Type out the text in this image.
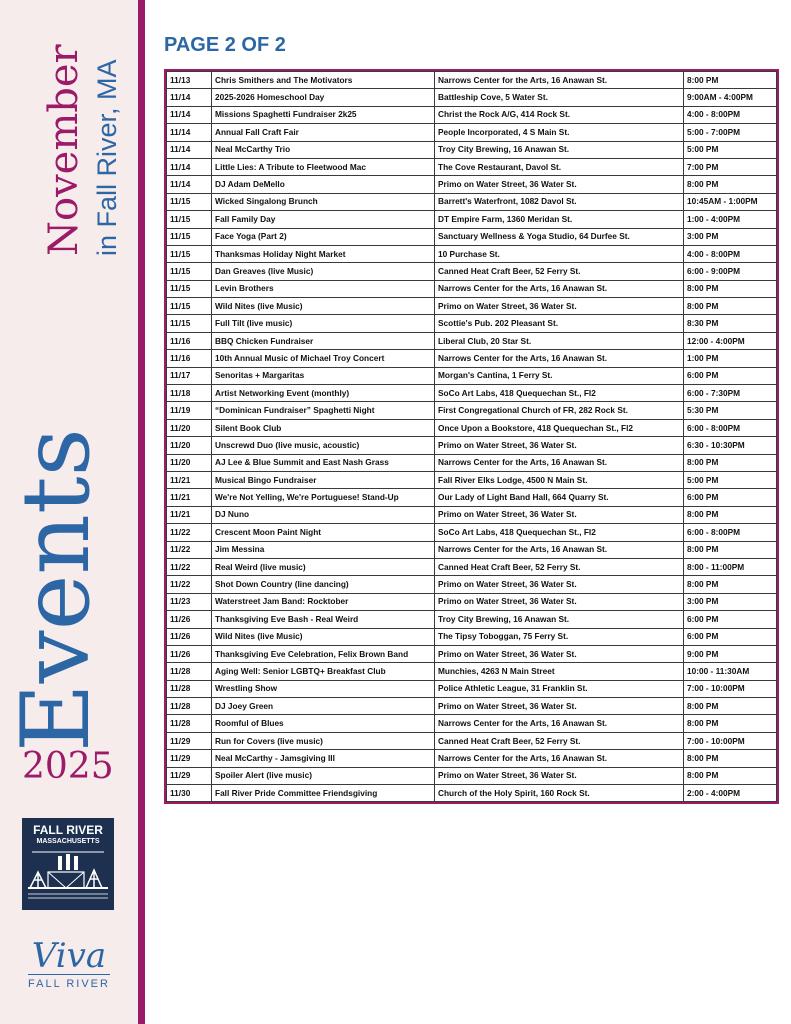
Events
November in Fall River, MA
2025
FALL RIVER
MASSACHUSETTS
Viva
FALL RIVER
PAGE 2 OF 2
11/13	Chris Smithers and The Motivators	Narrows Center for the Arts, 16 Anawan St.	8:00 PM
11/14	2025-2026 Homeschool Day	Battleship Cove, 5 Water St.	9:00AM - 4:00PM
11/14	Missions Spaghetti Fundraiser 2k25	Christ the Rock A/G, 414 Rock St.	4:00 - 8:00PM
11/14	Annual Fall Craft Fair	People Incorporated, 4 S Main St.	5:00 - 7:00PM
11/14	Neal McCarthy Trio	Troy City Brewing, 16 Anawan St.	5:00 PM
11/14	Little Lies: A Tribute to Fleetwood Mac	The Cove Restaurant, Davol St.	7:00 PM
11/14	DJ Adam DeMello	Primo on Water Street, 36 Water St.	8:00 PM
11/15	Wicked Singalong Brunch	Barrett's Waterfront, 1082 Davol St.	10:45AM - 1:00PM
11/15	Fall Family Day	DT Empire Farm, 1360 Meridan St.	1:00 - 4:00PM
11/15	Face Yoga (Part 2)	Sanctuary Wellness & Yoga Studio, 64 Durfee St.	3:00 PM
11/15	Thanksmas Holiday Night Market	10 Purchase St.	4:00 - 8:00PM
11/15	Dan Greaves (live Music)	Canned Heat Craft Beer, 52 Ferry St.	6:00 - 9:00PM
11/15	Levin Brothers	Narrows Center for the Arts, 16 Anawan St.	8:00 PM
11/15	Wild Nites (live Music)	Primo on Water Street, 36 Water St.	8:00 PM
11/15	Full Tilt (live music)	Scottie's Pub. 202 Pleasant St.	8:30 PM
11/16	BBQ Chicken Fundraiser	Liberal Club, 20 Star St.	12:00 - 4:00PM
11/16	10th Annual Music of Michael Troy Concert	Narrows Center for the Arts, 16 Anawan St.	1:00 PM
11/17	Senoritas + Margaritas	Morgan's Cantina, 1 Ferry St.	6:00 PM
11/18	Artist Networking Event (monthly)	SoCo Art Labs, 418 Quequechan St., Fl2	6:00 - 7:30PM
11/19	“Dominican Fundraiser” Spaghetti Night	First Congregational Church of FR, 282 Rock St.	5:30 PM
11/20	Silent Book Club	Once Upon a Bookstore, 418 Quequechan St., Fl2	6:00 - 8:00PM
11/20	Unscrewd Duo (live music, acoustic)	Primo on Water Street, 36 Water St.	6:30 - 10:30PM
11/20	AJ Lee & Blue Summit and East Nash Grass	Narrows Center for the Arts, 16 Anawan St.	8:00 PM
11/21	Musical Bingo Fundraiser	Fall River Elks Lodge, 4500 N Main St.	5:00 PM
11/21	We're Not Yelling, We're Portuguese! Stand-Up	Our Lady of Light Band Hall, 664 Quarry St.	6:00 PM
11/21	DJ Nuno	Primo on Water Street, 36 Water St.	8:00 PM
11/22	Crescent Moon Paint Night	SoCo Art Labs, 418 Quequechan St., Fl2	6:00 - 8:00PM
11/22	Jim Messina	Narrows Center for the Arts, 16 Anawan St.	8:00 PM
11/22	Real Weird (live music)	Canned Heat Craft Beer, 52 Ferry St.	8:00 - 11:00PM
11/22	Shot Down Country (line dancing)	Primo on Water Street, 36 Water St.	8:00 PM
11/23	Waterstreet Jam Band: Rocktober	Primo on Water Street, 36 Water St.	3:00 PM
11/26	Thanksgiving Eve Bash - Real Weird	Troy City Brewing, 16 Anawan St.	6:00 PM
11/26	Wild Nites (live Music)	The Tipsy Toboggan, 75 Ferry St.	6:00 PM
11/26	Thanksgiving Eve Celebration, Felix Brown Band	Primo on Water Street, 36 Water St.	9:00 PM
11/28	Aging Well: Senior LGBTQ+ Breakfast Club	Munchies, 4263 N Main Street	10:00 - 11:30AM
11/28	Wrestling Show	Police Athletic League, 31 Franklin St.	7:00 - 10:00PM
11/28	DJ Joey Green	Primo on Water Street, 36 Water St.	8:00 PM
11/28	Roomful of Blues	Narrows Center for the Arts, 16 Anawan St.	8:00 PM
11/29	Run for Covers (live music)	Canned Heat Craft Beer, 52 Ferry St.	7:00 - 10:00PM
11/29	Neal McCarthy - Jamsgiving III	Narrows Center for the Arts, 16 Anawan St.	8:00 PM
11/29	Spoiler Alert (live music)	Primo on Water Street, 36 Water St.	8:00 PM
11/30	Fall River Pride Committee Friendsgiving	Church of the Holy Spirit, 160 Rock St.	2:00 - 4:00PM
